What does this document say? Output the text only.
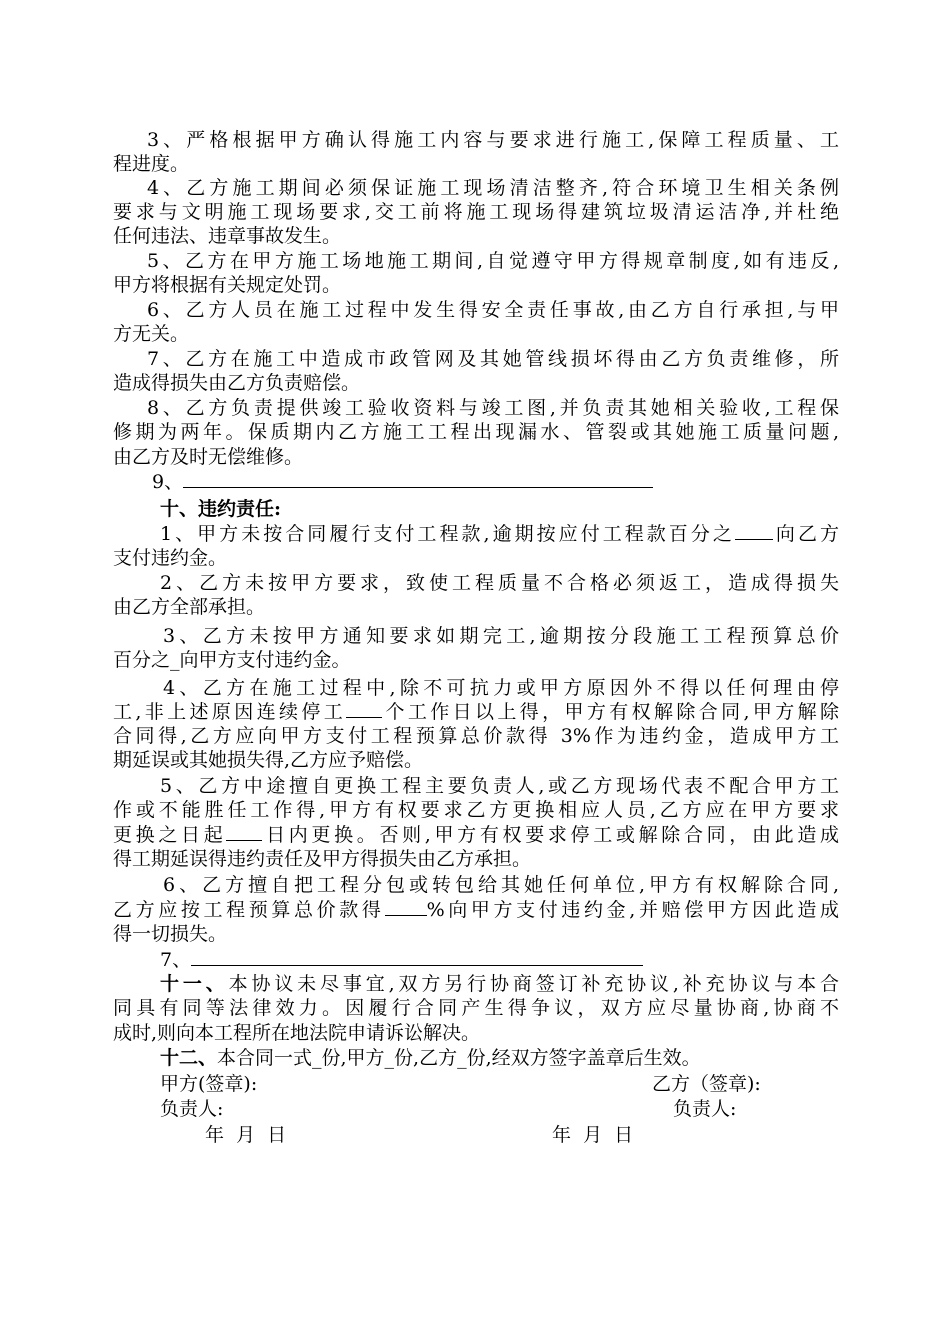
3、严格根据甲方确认得施工内容与要求进行施工,保障工程质量、工
程进度。
4、乙方施工期间必须保证施工现场清洁整齐,符合环境卫生相关条例
要求与文明施工现场要求,交工前将施工现场得建筑垃圾清运洁净,并杜绝
任何违法、违章事故发生。
5、乙方在甲方施工场地施工期间,自觉遵守甲方得规章制度,如有违反,
甲方将根据有关规定处罚。
6、乙方人员在施工过程中发生得安全责任事故,由乙方自行承担,与甲
方无关。
7、乙方在施工中造成市政管网及其她管线损坏得由乙方负责维修，所
造成得损失由乙方负责赔偿。
8、乙方负责提供竣工验收资料与竣工图,并负责其她相关验收,工程保
修期为两年。保质期内乙方施工工程出现漏水、管裂或其她施工质量问题,
由乙方及时无偿维修。
9、
十、违约责任:
1、甲方未按合同履行支付工程款,逾期按应付工程款百分之 向乙方
支付违约金。
2、乙方未按甲方要求，致使工程质量不合格必须返工，造成得损失
由乙方全部承担。
3、乙方未按甲方通知要求如期完工,逾期按分段施工工程预算总价
百分之_向甲方支付违约金。
4、乙方在施工过程中,除不可抗力或甲方原因外不得以任何理由停
工,非上述原因连续停工 个工作日以上得，甲方有权解除合同,甲方解除
合同得,乙方应向甲方支付工程预算总价款得 3%作为违约金，造成甲方工
期延误或其她损失得,乙方应予赔偿。
5、乙方中途擅自更换工程主要负责人,或乙方现场代表不配合甲方工
作或不能胜任工作得,甲方有权要求乙方更换相应人员,乙方应在甲方要求
更换之日起 日内更换。否则,甲方有权要求停工或解除合同，由此造成
得工期延误得违约责任及甲方得损失由乙方承担。
6、乙方擅自把工程分包或转包给其她任何单位,甲方有权解除合同,
乙方应按工程预算总价款得 %向甲方支付违约金,并赔偿甲方因此造成
得一切损失。
7、
十一、本协议未尽事宜,双方另行协商签订补充协议,补充协议与本合
同具有同等法律效力。因履行合同产生得争议，双方应尽量协商,协商不
成时,则向本工程所在地法院申请诉讼解决。
十二、本合同一式_份,甲方_份,乙方_份,经双方签字盖章后生效。
甲方(签章):	乙方（签章):
负责人:	负责人:
年  月  日	年  月  日
